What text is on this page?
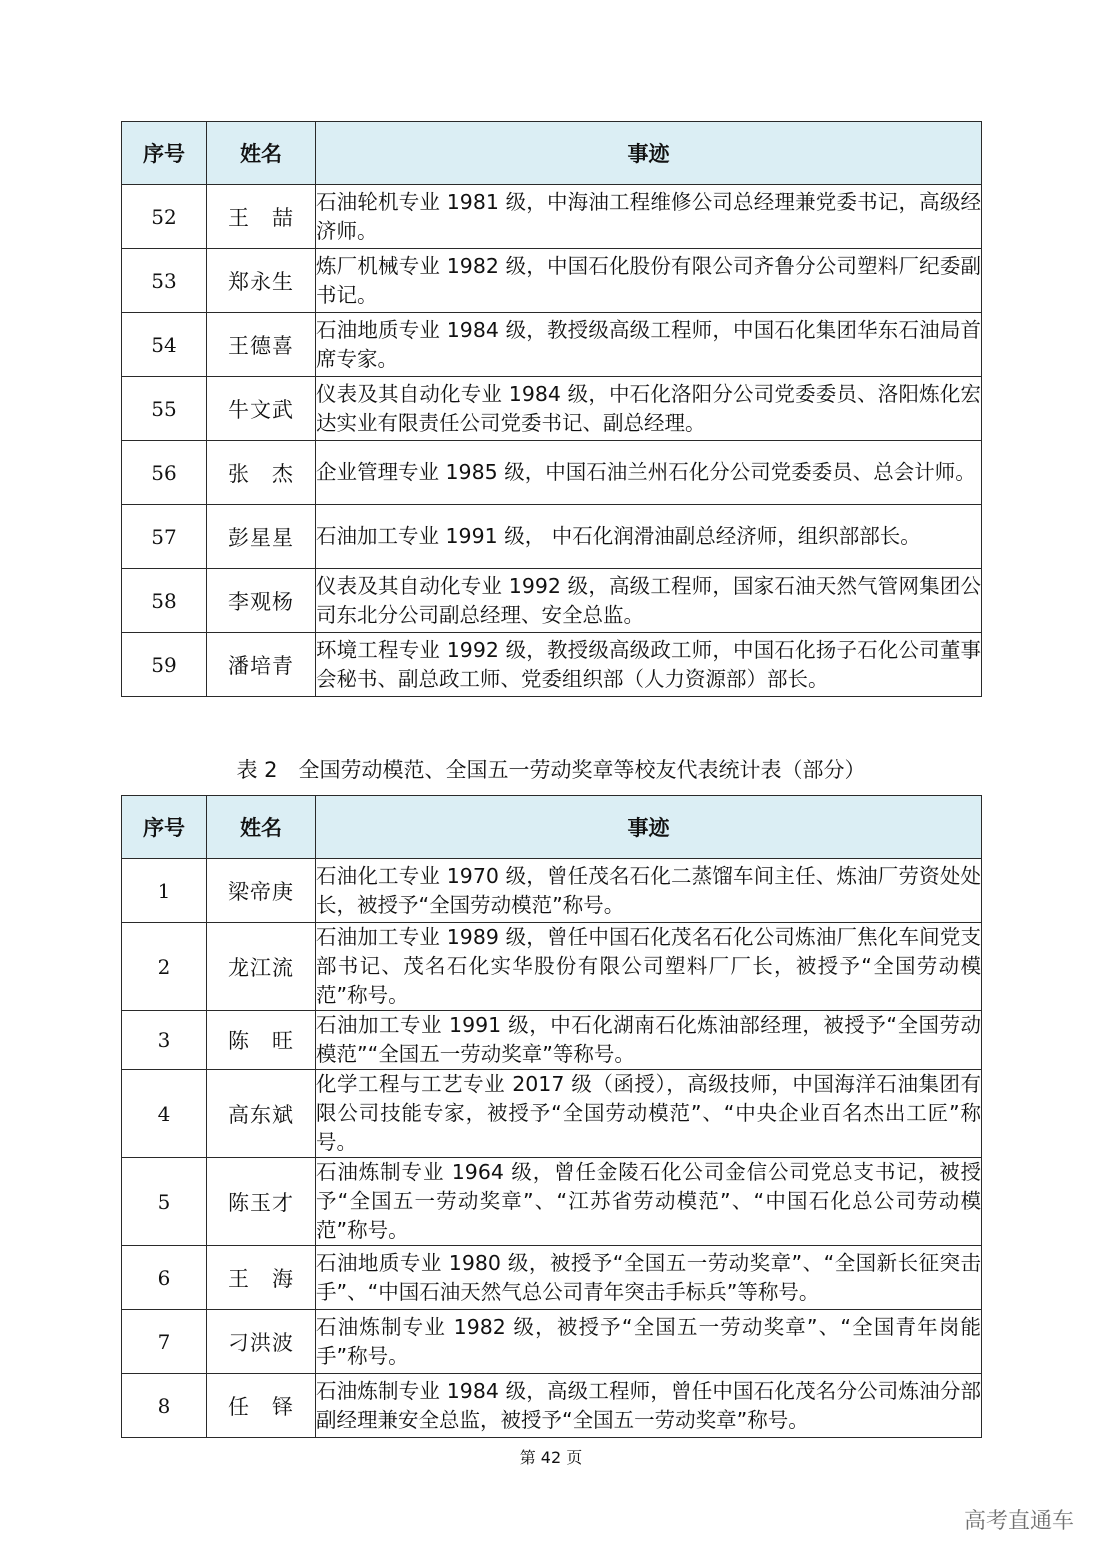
序号	姓名	事迹
52	王　喆	石油轮机专业 1981 级，中海油工程维修公司总经理兼党委书记，高级经济师。
53	郑永生	炼厂机械专业 1982 级，中国石化股份有限公司齐鲁分公司塑料厂纪委副书记。
54	王德喜	石油地质专业 1984 级，教授级高级工程师，中国石化集团华东石油局首席专家。
55	牛文武	仪表及其自动化专业 1984 级，中石化洛阳分公司党委委员、洛阳炼化宏达实业有限责任公司党委书记、副总经理。
56	张　杰	企业管理专业 1985 级，中国石油兰州石化分公司党委委员、总会计师。
57	彭星星	石油加工专业 1991 级， 中石化润滑油副总经济师，组织部部长。
58	李观杨	仪表及其自动化专业 1992 级，高级工程师，国家石油天然气管网集团公司东北分公司副总经理、安全总监。
59	潘培青	环境工程专业 1992 级，教授级高级政工师，中国石化扬子石化公司董事会秘书、副总政工师、党委组织部（人力资源部）部长。
表 2　全国劳动模范、全国五一劳动奖章等校友代表统计表（部分）
序号	姓名	事迹
1	梁帝庚	石油化工专业 1970 级，曾任茂名石化二蒸馏车间主任、炼油厂劳资处处长，被授予“全国劳动模范”称号。
2	龙江流	石油加工专业 1989 级，曾任中国石化茂名石化公司炼油厂焦化车间党支部书记、茂名石化实华股份有限公司塑料厂厂长，被授予“全国劳动模范”称号。
3	陈　旺	石油加工专业 1991 级，中石化湖南石化炼油部经理，被授予“全国劳动模范”“全国五一劳动奖章”等称号。
4	高东斌	化学工程与工艺专业 2017 级（函授），高级技师，中国海洋石油集团有限公司技能专家，被授予“全国劳动模范”、“中央企业百名杰出工匠”称号。
5	陈玉才	石油炼制专业 1964 级，曾任金陵石化公司金信公司党总支书记，被授予“全国五一劳动奖章”、“江苏省劳动模范”、“中国石化总公司劳动模范”称号。
6	王　海	石油地质专业 1980 级，被授予“全国五一劳动奖章”、“全国新长征突击手”、“中国石油天然气总公司青年突击手标兵”等称号。
7	刁洪波	石油炼制专业 1982 级，被授予“全国五一劳动奖章”、“全国青年岗能手”称号。
8	任　铎	石油炼制专业 1984 级，高级工程师，曾任中国石化茂名分公司炼油分部副经理兼安全总监，被授予“全国五一劳动奖章”称号。
第 42 页
高考直通车
